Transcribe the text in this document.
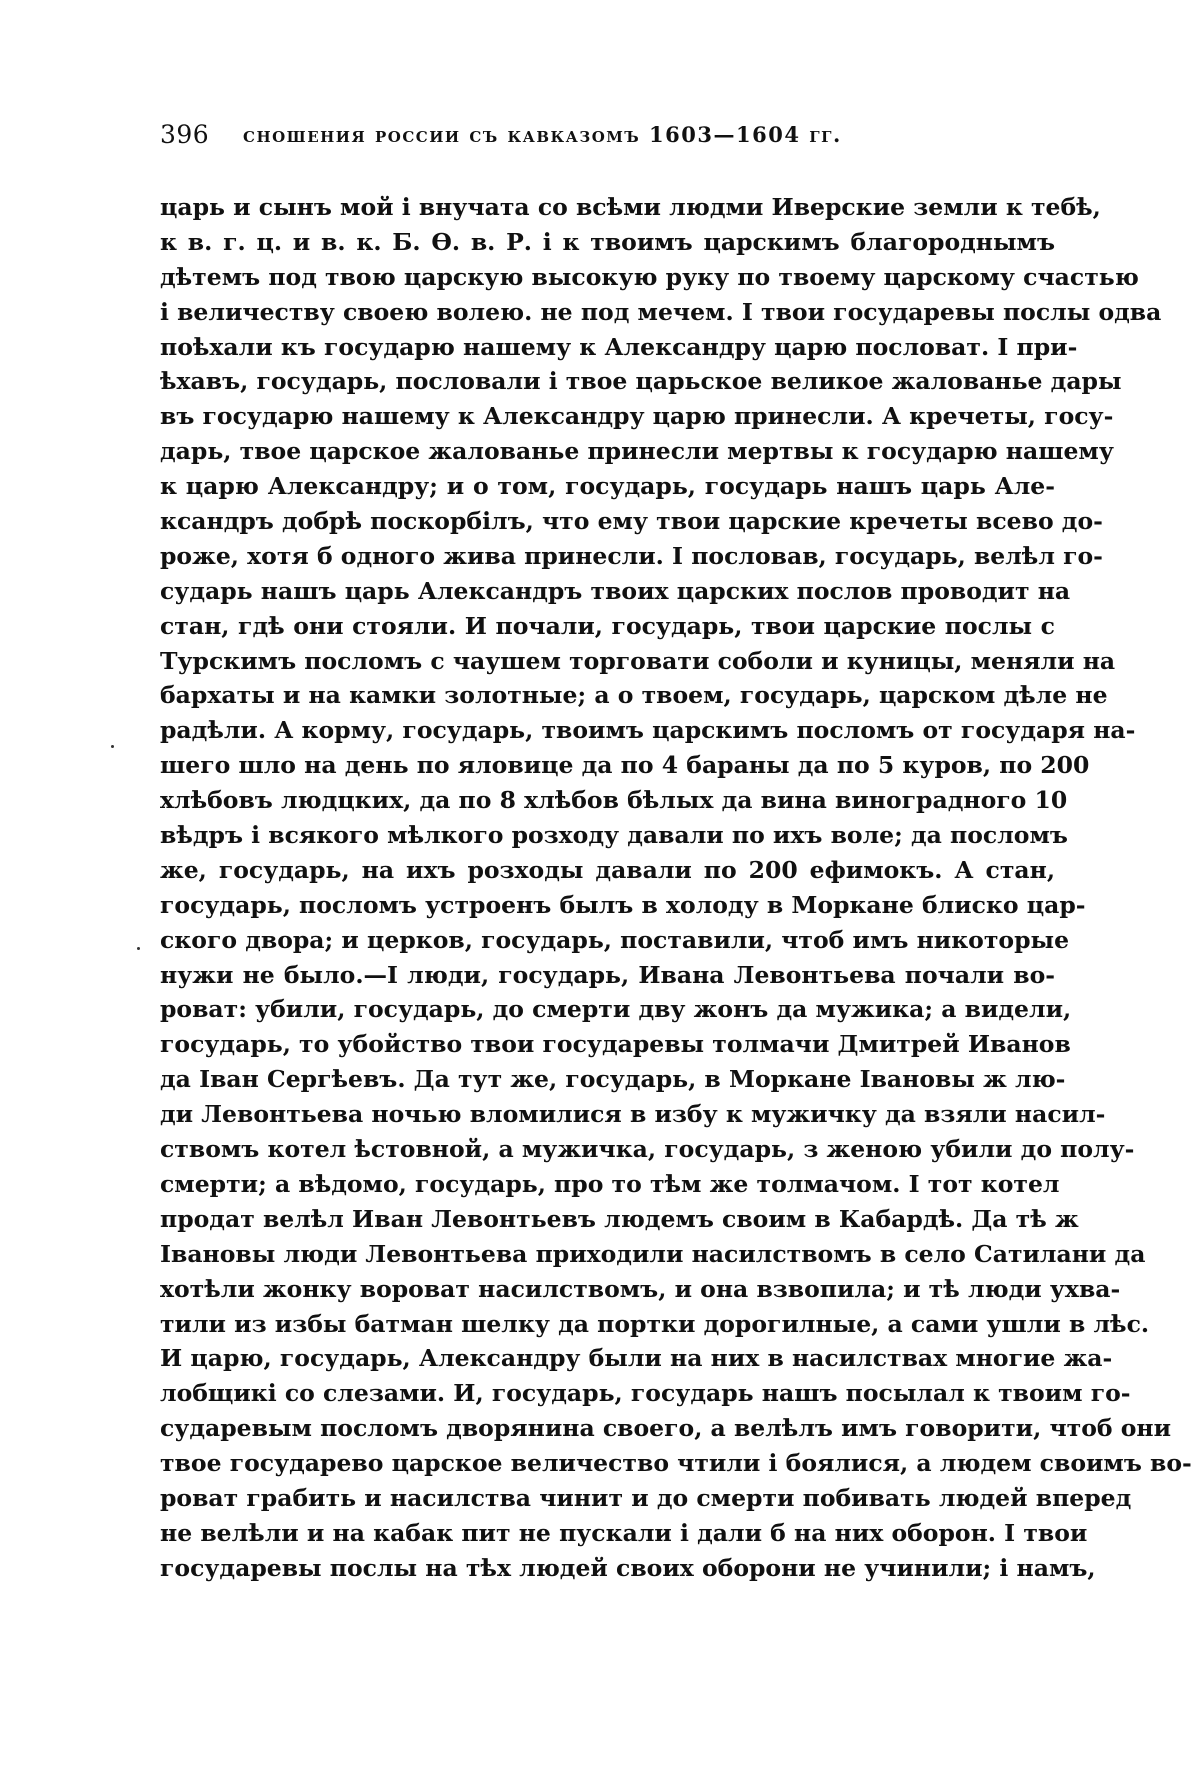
396 сношения россии съ кавказомъ 1603—1604 гг.
царь и сынъ мой і внучата со всѣми людми Иверские земли к тебѣ,
к в. г. ц. и в. к. Б. Ѳ. в. Р. і к твоимъ царскимъ благороднымъ
дѣтемъ под твою царскую высокую руку по твоему царскому счастью
і величеству своею волею. не под мечем. І твои государевы послы одва
поѣхали къ государю нашему к Александру царю пословат. І при-
ѣхавъ, государь, пословали і твое царьское великое жалованье дары
въ государю нашему к Александру царю принесли. А кречеты, госу-
дарь, твое царское жалованье принесли мертвы к государю нашему
к царю Александру; и о том, государь, государь нашъ царь Але-
ксандръ добрѣ поскорбілъ, что ему твои царские кречеты всево до-
роже, хотя б одного жива принесли. І пословав, государь, велѣл го-
сударь нашъ царь Александръ твоих царских послов проводит на
стан, гдѣ они стояли. И почали, государь, твои царские послы с
Турскимъ посломъ с чаушем торговати соболи и куницы, меняли на
бархаты и на камки золотные; а о твоем, государь, царском дѣле не
радѣли. А корму, государь, твоимъ царскимъ посломъ от государя на-
шего шло на день по яловице да по 4 бараны да по 5 куров, по 200
хлѣбовъ людцких, да по 8 хлѣбов бѣлых да вина виноградного 10
вѣдръ і всякого мѣлкого розходу давали по ихъ воле; да посломъ
же, государь, на ихъ розходы давали по 200 ефимокъ. А стан,
государь, посломъ устроенъ былъ в холоду в Моркане блиско цар-
ского двора; и церков, государь, поставили, чтоб имъ никоторые
нужи не было.—І люди, государь, Ивана Левонтьева почали во-
роват: убили, государь, до смерти дву жонъ да мужика; а видели,
государь, то убойство твои государевы толмачи Дмитрей Иванов
да Іван Сергѣевъ. Да тут же, государь, в Моркане Івановы ж лю-
ди Левонтьева ночью вломилися в избу к мужичку да взяли насил-
ствомъ котел ѣстовной, а мужичка, государь, з женою убили до полу-
смерти; а вѣдомо, государь, про то тѣм же толмачом. І тот котел
продат велѣл Иван Левонтьевъ людемъ своим в Кабардѣ. Да тѣ ж
Івановы люди Левонтьева приходили насилствомъ в село Сатилани да
хотѣли жонку вороват насилствомъ, и она взвопила; и тѣ люди ухва-
тили из избы батман шелку да портки дорогилные, а сами ушли в лѣс.
И царю, государь, Александру были на них в насилствах многие жа-
лобщикі со слезами. И, государь, государь нашъ посылал к твоим го-
сударевым посломъ дворянина своего, а велѣлъ имъ говорити, чтоб они
твое государево царское величество чтили і боялися, а людем своимъ во-
роват грабить и насилства чинит и до смерти побивать людей вперед
не велѣли и на кабак пит не пускали і дали б на них оборон. І твои
государевы послы на тѣх людей своих оборони не учинили; і намъ,
